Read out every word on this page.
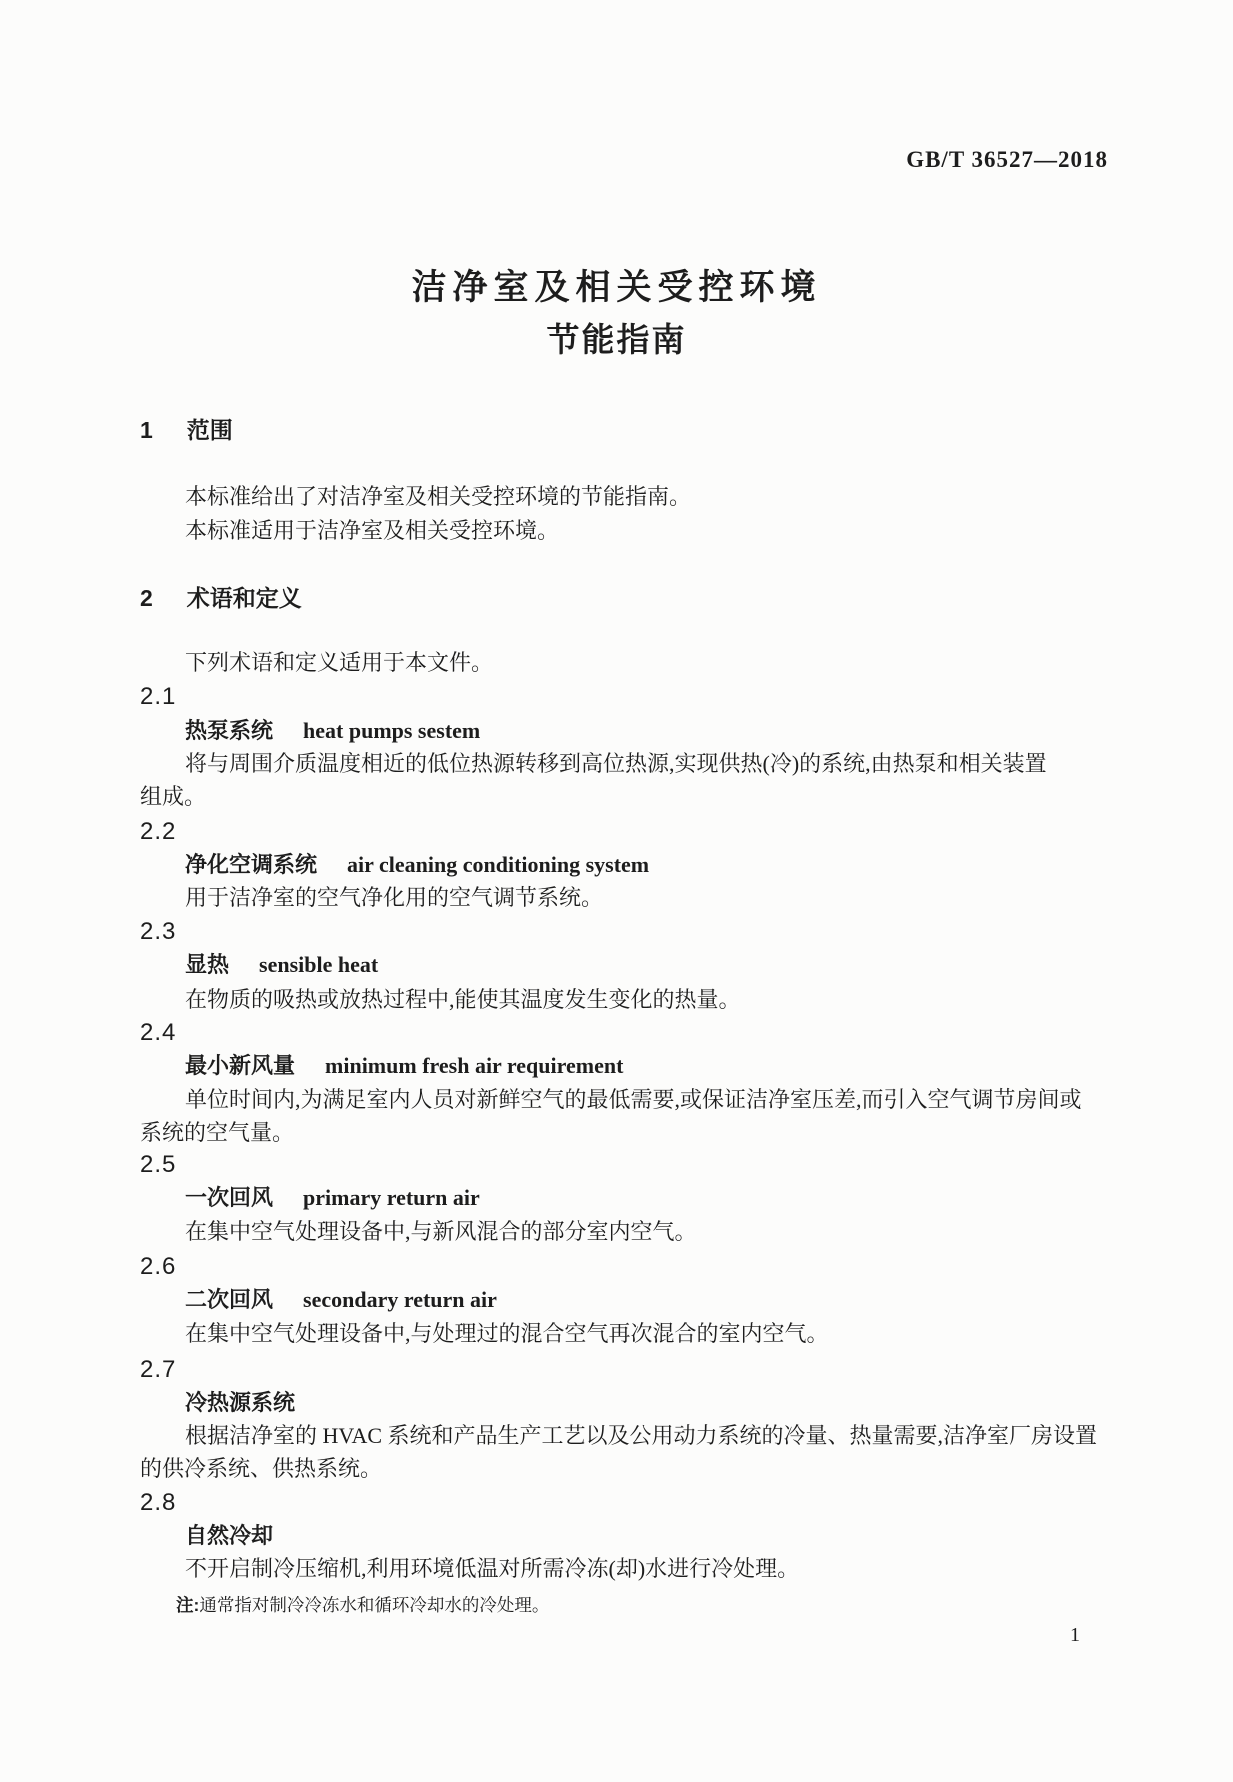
GB/T 36527—2018
洁净室及相关受控环境
节能指南
1 范围
本标准给出了对洁净室及相关受控环境的节能指南。
本标准适用于洁净室及相关受控环境。
2 术语和定义
下列术语和定义适用于本文件。
2.1
热泵系统 heat pumps sestem
将与周围介质温度相近的低位热源转移到高位热源,实现供热(冷)的系统,由热泵和相关装置
组成。
2.2
净化空调系统 air cleaning conditioning system
用于洁净室的空气净化用的空气调节系统。
2.3
显热 sensible heat
在物质的吸热或放热过程中,能使其温度发生变化的热量。
2.4
最小新风量 minimum fresh air requirement
单位时间内,为满足室内人员对新鲜空气的最低需要,或保证洁净室压差,而引入空气调节房间或
系统的空气量。
2.5
一次回风 primary return air
在集中空气处理设备中,与新风混合的部分室内空气。
2.6
二次回风 secondary return air
在集中空气处理设备中,与处理过的混合空气再次混合的室内空气。
2.7
冷热源系统
根据洁净室的 HVAC 系统和产品生产工艺以及公用动力系统的冷量、热量需要,洁净室厂房设置
的供冷系统、供热系统。
2.8
自然冷却
不开启制冷压缩机,利用环境低温对所需冷冻(却)水进行冷处理。
注:通常指对制冷冷冻水和循环冷却水的冷处理。
1
